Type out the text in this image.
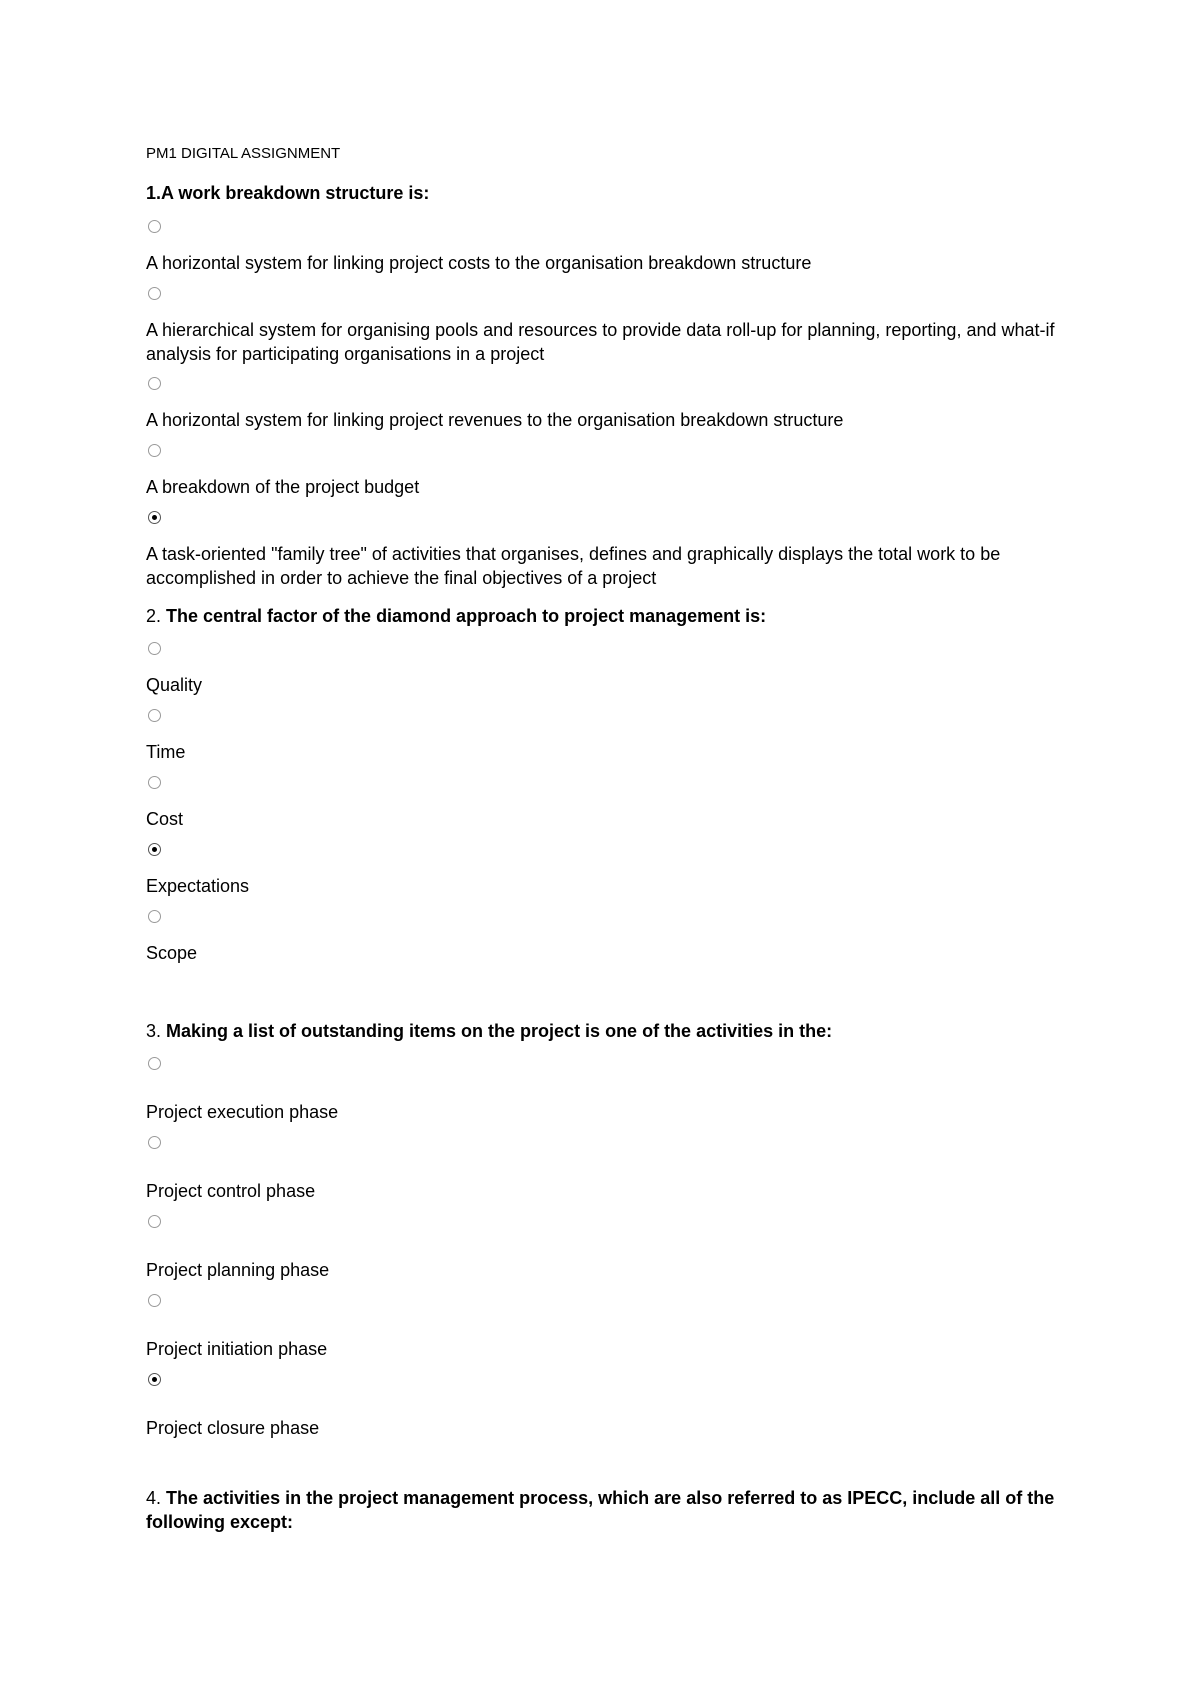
PM1 DIGITAL ASSIGNMENT
1.A work breakdown structure is:
A horizontal system for linking project costs to the organisation breakdown structure
A hierarchical system for organising pools and resources to provide data roll-up for planning, reporting, and what-if analysis for participating organisations in a project
A horizontal system for linking project revenues to the organisation breakdown structure
A breakdown of the project budget
A task-oriented "family tree" of activities that organises, defines and graphically displays the total work to be accomplished in order to achieve the final objectives of a project
2. The central factor of the diamond approach to project management is:
Quality
Time
Cost
Expectations
Scope
3. Making a list of outstanding items on the project is one of the activities in the:
Project execution phase
Project control phase
Project planning phase
Project initiation phase
Project closure phase
4. The activities in the project management process, which are also referred to as IPECC, include all of the following except:
